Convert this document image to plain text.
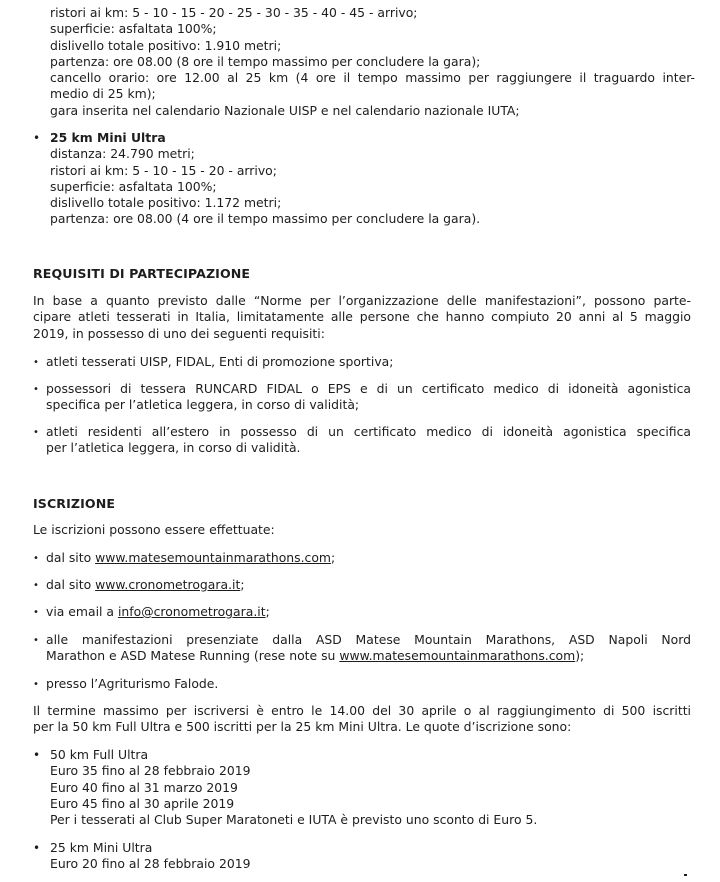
ristori ai km: 5 - 10 - 15 - 20 - 25 - 30 - 35 - 40 - 45 - arrivo;
superficie: asfaltata 100%;
dislivello totale positivo: 1.910 metri;
partenza: ore 08.00 (8 ore il tempo massimo per concludere la gara);
cancello orario: ore 12.00 al 25 km (4 ore il tempo massimo per raggiungere il traguardo inter-
medio di 25 km);
gara inserita nel calendario Nazionale UISP e nel calendario nazionale IUTA;
• 25 km Mini Ultra
distanza: 24.790 metri;
ristori ai km: 5 - 10 - 15 - 20 - arrivo;
superficie: asfaltata 100%;
dislivello totale positivo: 1.172 metri;
partenza: ore 08.00 (4 ore il tempo massimo per concludere la gara).
REQUISITI DI PARTECIPAZIONE
In base a quanto previsto dalle “Norme per l’organizzazione delle manifestazioni”, possono parte-
cipare atleti tesserati in Italia, limitatamente alle persone che hanno compiuto 20 anni al 5 maggio
2019, in possesso di uno dei seguenti requisiti:
• atleti tesserati UISP, FIDAL, Enti di promozione sportiva;
• possessori di tessera RUNCARD FIDAL o EPS e di un certificato medico di idoneità agonistica
specifica per l’atletica leggera, in corso di validità;
• atleti residenti all’estero in possesso di un certificato medico di idoneità agonistica specifica
per l’atletica leggera, in corso di validità.
ISCRIZIONE
Le iscrizioni possono essere effettuate:
• dal sito www.matesemountainmarathons.com;
• dal sito www.cronometrogara.it;
• via email a info@cronometrogara.it;
• alle manifestazioni presenziate dalla ASD Matese Mountain Marathons, ASD Napoli Nord
Marathon e ASD Matese Running (rese note su www.matesemountainmarathons.com);
• presso l’Agriturismo Falode.
Il termine massimo per iscriversi è entro le 14.00 del 30 aprile o al raggiungimento di 500 iscritti
per la 50 km Full Ultra e 500 iscritti per la 25 km Mini Ultra. Le quote d’iscrizione sono:
• 50 km Full Ultra
Euro 35 fino al 28 febbraio 2019
Euro 40 fino al 31 marzo 2019
Euro 45 fino al 30 aprile 2019
Per i tesserati al Club Super Maratoneti e IUTA è previsto uno sconto di Euro 5.
• 25 km Mini Ultra
Euro 20 fino al 28 febbraio 2019
